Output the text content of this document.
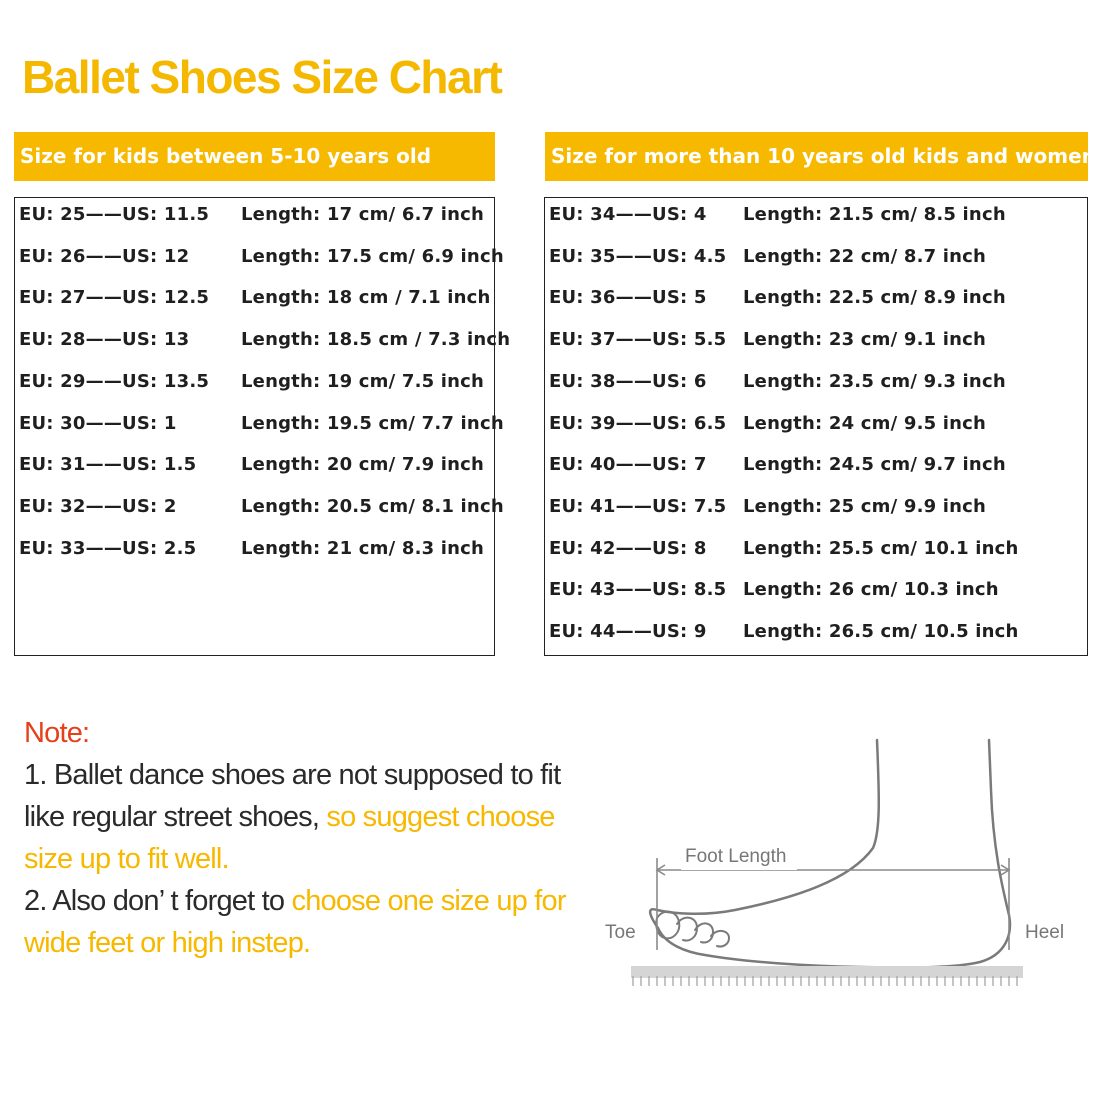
Ballet Shoes Size Chart
Size for kids between 5-10 years old	Size for more than 10 years old kids and women
EU: 25——US: 11.5 Length: 17 cm/ 6.7 inch
EU: 26——US: 12	Length: 17.5 cm/ 6.9 inch
EU: 27——US: 12.5 Length: 18 cm / 7.1 inch
EU: 28——US: 13	Length: 18.5 cm / 7.3 inch
EU: 29——US: 13.5 Length: 19 cm/ 7.5 inch
EU: 30——US: 1	Length: 19.5 cm/ 7.7 inch
EU: 31——US: 1.5 Length: 20 cm/ 7.9 inch
EU: 32——US: 2	Length: 20.5 cm/ 8.1 inch
EU: 33——US: 2.5 Length: 21 cm/ 8.3 inch
EU: 34——US: 4 Length: 21.5 cm/ 8.5 inch
EU: 35——US: 4.5 Length: 22 cm/ 8.7 inch
EU: 36——US: 5 Length: 22.5 cm/ 8.9 inch
EU: 37——US: 5.5 Length: 23 cm/ 9.1 inch
EU: 38——US: 6 Length: 23.5 cm/ 9.3 inch
EU: 39——US: 6.5 Length: 24 cm/ 9.5 inch
EU: 40——US: 7 Length: 24.5 cm/ 9.7 inch
EU: 41——US: 7.5 Length: 25 cm/ 9.9 inch
EU: 42——US: 8 Length: 25.5 cm/ 10.1 inch
EU: 43——US: 8.5 Length: 26 cm/ 10.3 inch
EU: 44——US: 9 Length: 26.5 cm/ 10.5 inch
Note:
1. Ballet dance shoes are not supposed to fit like regular street shoes, so suggest choose size up to fit well.
2. Also don’ t forget to choose one size up for wide feet or high instep.
Foot Length
Toe	Heel
